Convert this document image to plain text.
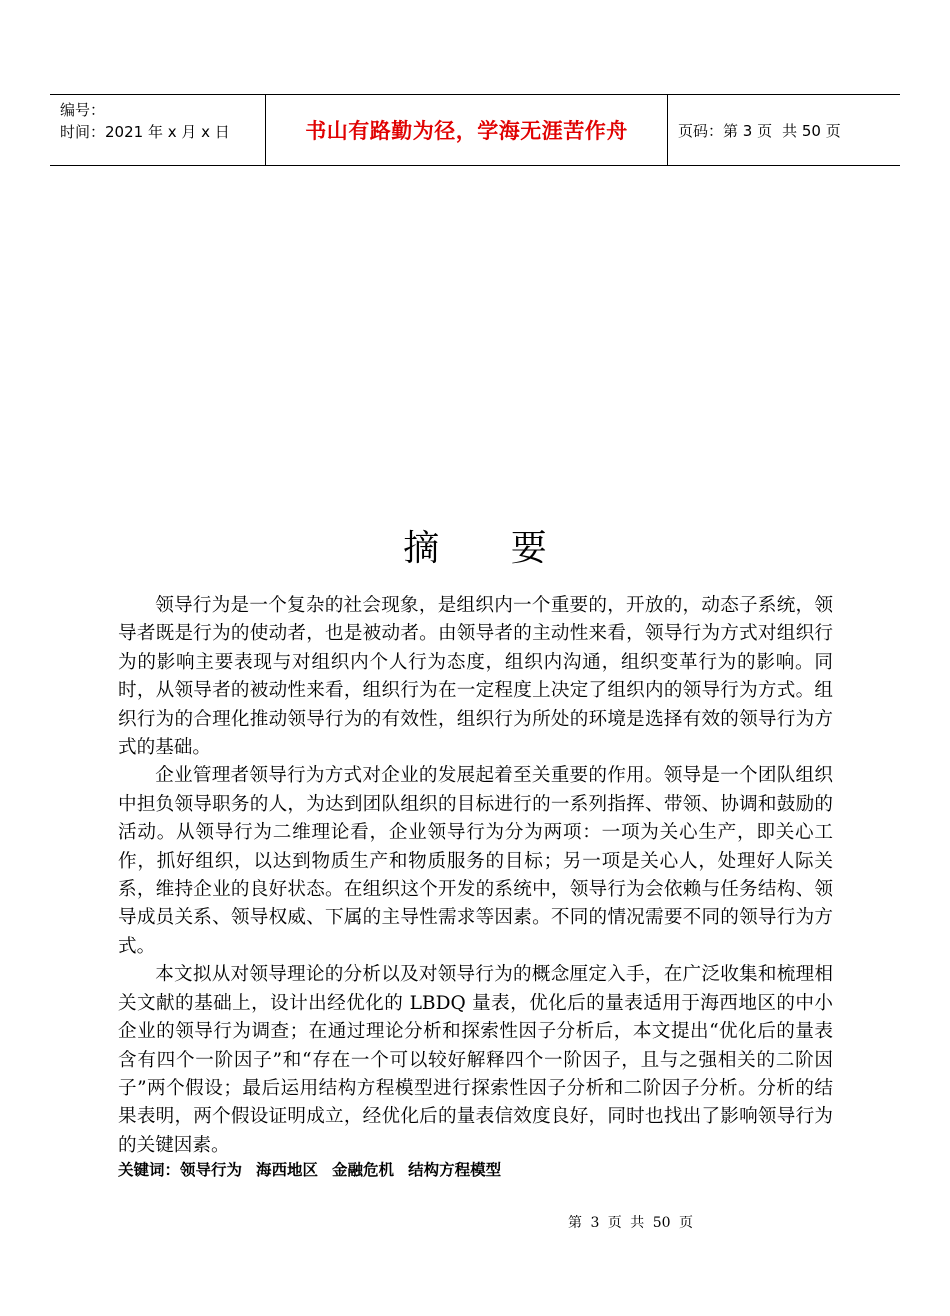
编号：
时间：2021 年 x 月 x 日	书山有路勤为径，学海无涯苦作舟	页码：第 3 页 共 50 页
摘 要

领导行为是一个复杂的社会现象，是组织内一个重要的，开放的，动态子系统，领导者既是行为的使动者，也是被动者。由领导者的主动性来看，领导行为方式对组织行为的影响主要表现与对组织内个人行为态度，组织内沟通，组织变革行为的影响。同时，从领导者的被动性来看，组织行为在一定程度上决定了组织内的领导行为方式。组织行为的合理化推动领导行为的有效性，组织行为所处的环境是选择有效的领导行为方式的基础。

企业管理者领导行为方式对企业的发展起着至关重要的作用。领导是一个团队组织中担负领导职务的人，为达到团队组织的目标进行的一系列指挥、带领、协调和鼓励的活动。从领导行为二维理论看，企业领导行为分为两项：一项为关心生产，即关心工作，抓好组织，以达到物质生产和物质服务的目标；另一项是关心人，处理好人际关系，维持企业的良好状态。在组织这个开发的系统中，领导行为会依赖与任务结构、领导成员关系、领导权威、下属的主导性需求等因素。不同的情况需要不同的领导行为方式。

本文拟从对领导理论的分析以及对领导行为的概念厘定入手，在广泛收集和梳理相关文献的基础上，设计出经优化的 LBDQ 量表，优化后的量表适用于海西地区的中小企业的领导行为调查；在通过理论分析和探索性因子分析后，本文提出“优化后的量表含有四个一阶因子”和“存在一个可以较好解释四个一阶因子，且与之强相关的二阶因子”两个假设；最后运用结构方程模型进行探索性因子分析和二阶因子分析。分析的结果表明，两个假设证明成立，经优化后的量表信效度良好，同时也找出了影响领导行为的关键因素。

关键词：领导行为 海西地区 金融危机 结构方程模型
第 3 页 共 50 页
